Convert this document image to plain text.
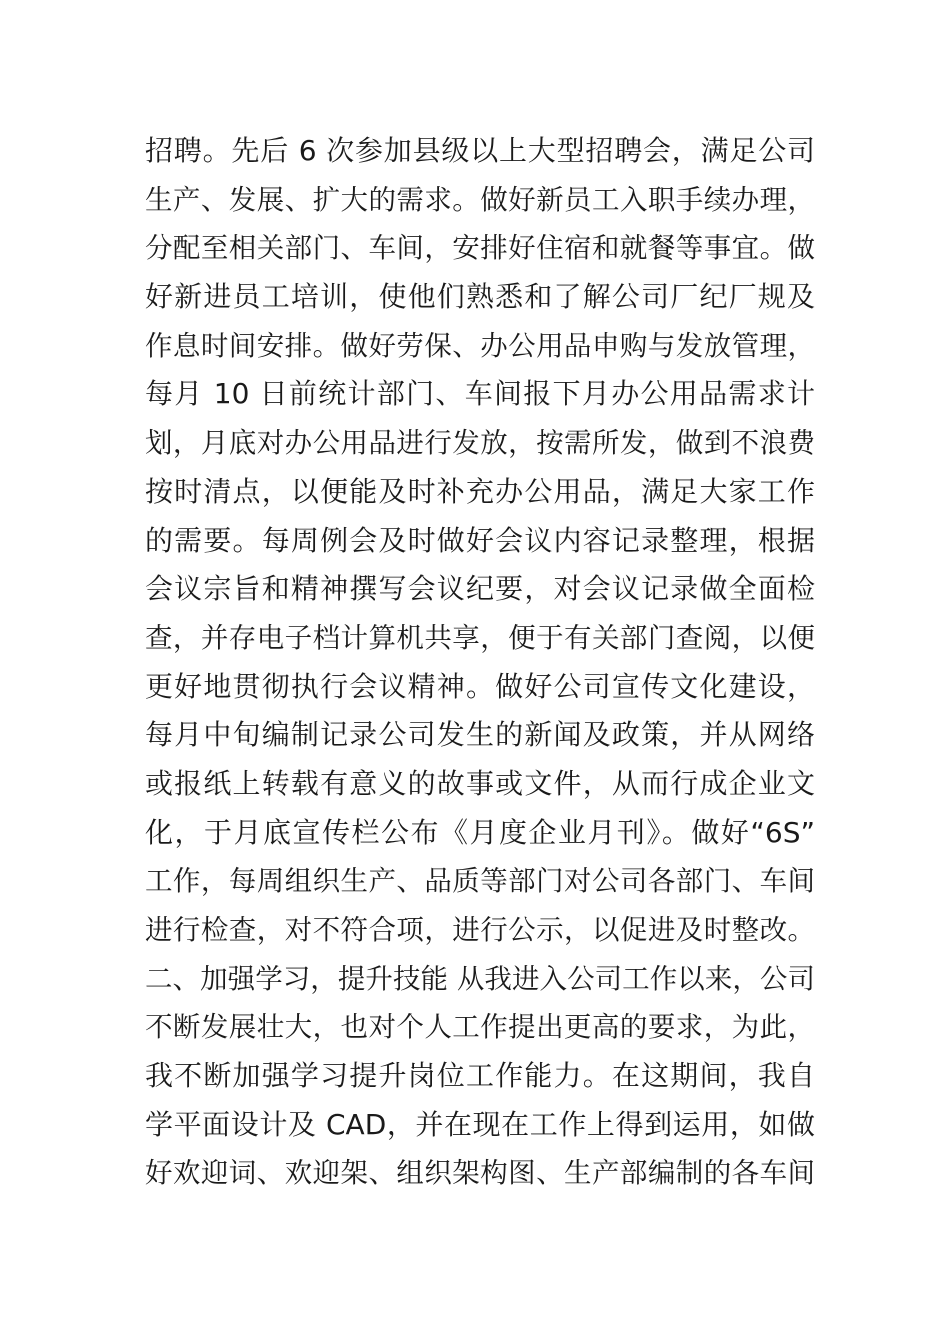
招聘。先后 6 次参加县级以上大型招聘会，满足公司
生产、发展、扩大的需求。做好新员工入职手续办理，
分配至相关部门、车间，安排好住宿和就餐等事宜。做
好新进员工培训，使他们熟悉和了解公司厂纪厂规及
作息时间安排。做好劳保、办公用品申购与发放管理，
每月 10 日前统计部门、车间报下月办公用品需求计
划，月底对办公用品进行发放，按需所发，做到不浪费
按时清点，以便能及时补充办公用品，满足大家工作
的需要。每周例会及时做好会议内容记录整理，根据
会议宗旨和精神撰写会议纪要，对会议记录做全面检
查，并存电子档计算机共享，便于有关部门查阅，以便
更好地贯彻执行会议精神。做好公司宣传文化建设，
每月中旬编制记录公司发生的新闻及政策，并从网络
或报纸上转载有意义的故事或文件，从而行成企业文
化，于月底宣传栏公布《月度企业月刊》。做好“6S”
工作，每周组织生产、品质等部门对公司各部门、车间
进行检查，对不符合项，进行公示，以促进及时整改。
二、加强学习，提升技能 从我进入公司工作以来，公司
不断发展壮大，也对个人工作提出更高的要求，为此，
我不断加强学习提升岗位工作能力。在这期间，我自
学平面设计及 CAD，并在现在工作上得到运用，如做
好欢迎词、欢迎架、组织架构图、生产部编制的各车间
